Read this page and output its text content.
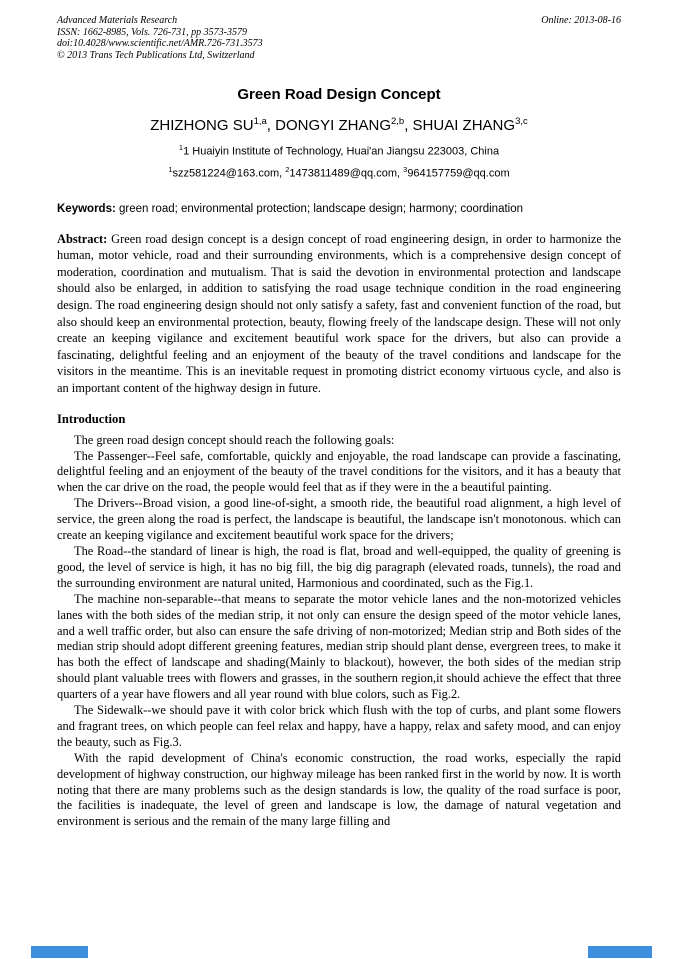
Advanced Materials Research
ISSN: 1662-8985, Vols. 726-731, pp 3573-3579
doi:10.4028/www.scientific.net/AMR.726-731.3573
© 2013 Trans Tech Publications Ltd, Switzerland
Online: 2013-08-16
Green Road Design Concept
ZHIZHONG SU$^{1,a}$, DONGYI ZHANG$^{2,b}$, SHUAI ZHANG$^{3,c}$
$^1$1 Huaiyin Institute of Technology, Huai'an Jiangsu 223003, China
$^1$szz581224@163.com, $^2$1473811489@qq.com, $^3$964157759@qq.com
Keywords: green road; environmental protection; landscape design; harmony; coordination
Abstract: Green road design concept is a design concept of road engineering design, in order to harmonize the human, motor vehicle, road and their surrounding environments, which is a comprehensive design concept of moderation, coordination and mutualism. That is said the devotion in environmental protection and landscape should also be enlarged, in addition to satisfying the road usage technique condition in the road engineering design. The road engineering design should not only satisfy a safety, fast and convenient function of the road, but also should keep an environmental protection, beauty, flowing freely of the landscape design. These will not only create an keeping vigilance and excitement beautiful work space for the drivers, but also can provide a fascinating, delightful feeling and an enjoyment of the beauty of the travel conditions and landscape for the visitors in the meantime. This is an inevitable request in promoting district economy virtuous cycle, and also is an important content of the highway design in future.
Introduction

The green road design concept should reach the following goals:

The Passenger--Feel safe, comfortable, quickly and enjoyable, the road landscape can provide a fascinating, delightful feeling and an enjoyment of the beauty of the travel conditions for the visitors, and it has a beauty that when the car drive on the road, the people would feel that as if they were in the a beautiful painting.

The Drivers--Broad vision, a good line-of-sight, a smooth ride, the beautiful road alignment, a high level of service, the green along the road is perfect, the landscape is beautiful, the landscape isn't monotonous. which can create an keeping vigilance and excitement beautiful work space for the drivers;

The Road--the standard of linear is high, the road is flat, broad and well-equipped, the quality of greening is good, the level of service is high, it has no big fill, the big dig paragraph (elevated roads, tunnels), the road and the surrounding environment are natural united, Harmonious and coordinated, such as the Fig.1.

The machine non-separable--that means to separate the motor vehicle lanes and the non-motorized vehicles lanes with the both sides of the median strip, it not only can ensure the design speed of the motor vehicle lanes, and a well traffic order, but also can ensure the safe driving of non-motorized; Median strip and Both sides of the median strip should adopt different greening features, median strip should plant dense, evergreen trees, to make it has both the effect of landscape and shading(Mainly to blackout), however, the both sides of the median strip should plant valuable trees with flowers and grasses, in the southern region,it should achieve the effect that three quarters of a year have flowers and all year round with blue colors, such as Fig.2.

The Sidewalk--we should pave it with color brick which flush with the top of curbs, and plant some flowers and fragrant trees, on which people can feel relax and happy, have a happy, relax and safety mood, and can enjoy the beauty, such as Fig.3.

With the rapid development of China's economic construction, the road works, especially the rapid development of highway construction, our highway mileage has been ranked first in the world by now. It is worth noting that there are many problems such as the design standards is low, the quality of the road surface is poor, the facilities is inadequate, the level of green and landscape is low, the damage of natural vegetation and environment is serious and the remain of the many large filling and
